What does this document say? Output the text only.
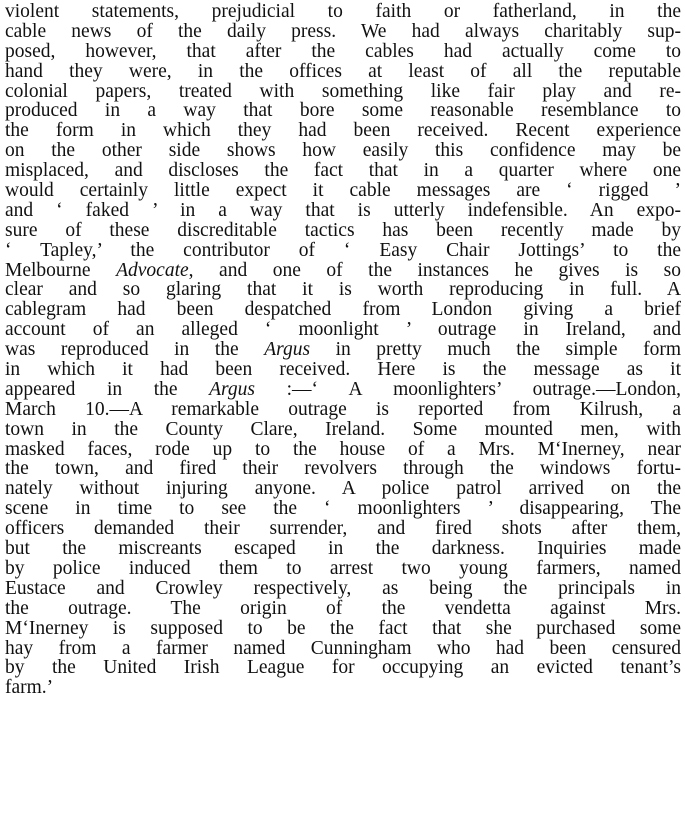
violent statements, prejudicial to faith or fatherland, in the
cable news of the daily press. We had always charitably sup-
posed, however, that after the cables had actually come to
hand they were, in the offices at least of all the reputable
colonial papers, treated with something like fair play and re-
produced in a way that bore some reasonable resemblance to
the form in which they had been received. Recent experience
on the other side shows how easily this confidence may be
misplaced, and discloses the fact that in a quarter where one
would certainly little expect it cable messages are ‘ rigged ’
and ‘ faked ’ in a way that is utterly indefensible. An expo-
sure of these discreditable tactics has been recently made by
‘ Tapley,’ the contributor of ‘ Easy Chair Jottings’ to the
Melbourne Advocate, and one of the instances he gives is so
clear and so glaring that it is worth reproducing in full. A
cablegram had been despatched from London giving a brief
account of an alleged ‘ moonlight ’ outrage in Ireland, and
was reproduced in the Argus in pretty much the simple form
in which it had been received. Here is the message as it
appeared in the Argus :—‘ A moonlighters’ outrage.—London,
March 10.—A remarkable outrage is reported from Kilrush, a
town in the County Clare, Ireland. Some mounted men, with
masked faces, rode up to the house of a Mrs. M‘Inerney, near
the town, and fired their revolvers through the windows fortu-
nately without injuring anyone. A police patrol arrived on the
scene in time to see the ‘ moonlighters ’ disappearing, The
officers demanded their surrender, and fired shots after them,
but the miscreants escaped in the darkness. Inquiries made
by police induced them to arrest two young farmers, named
Eustace and Crowley respectively, as being the principals in
the outrage. The origin of the vendetta against Mrs.
M‘Inerney is supposed to be the fact that she purchased some
hay from a farmer named Cunningham who had been censured
by the United Irish League for occupying an evicted tenant’s
farm.’
